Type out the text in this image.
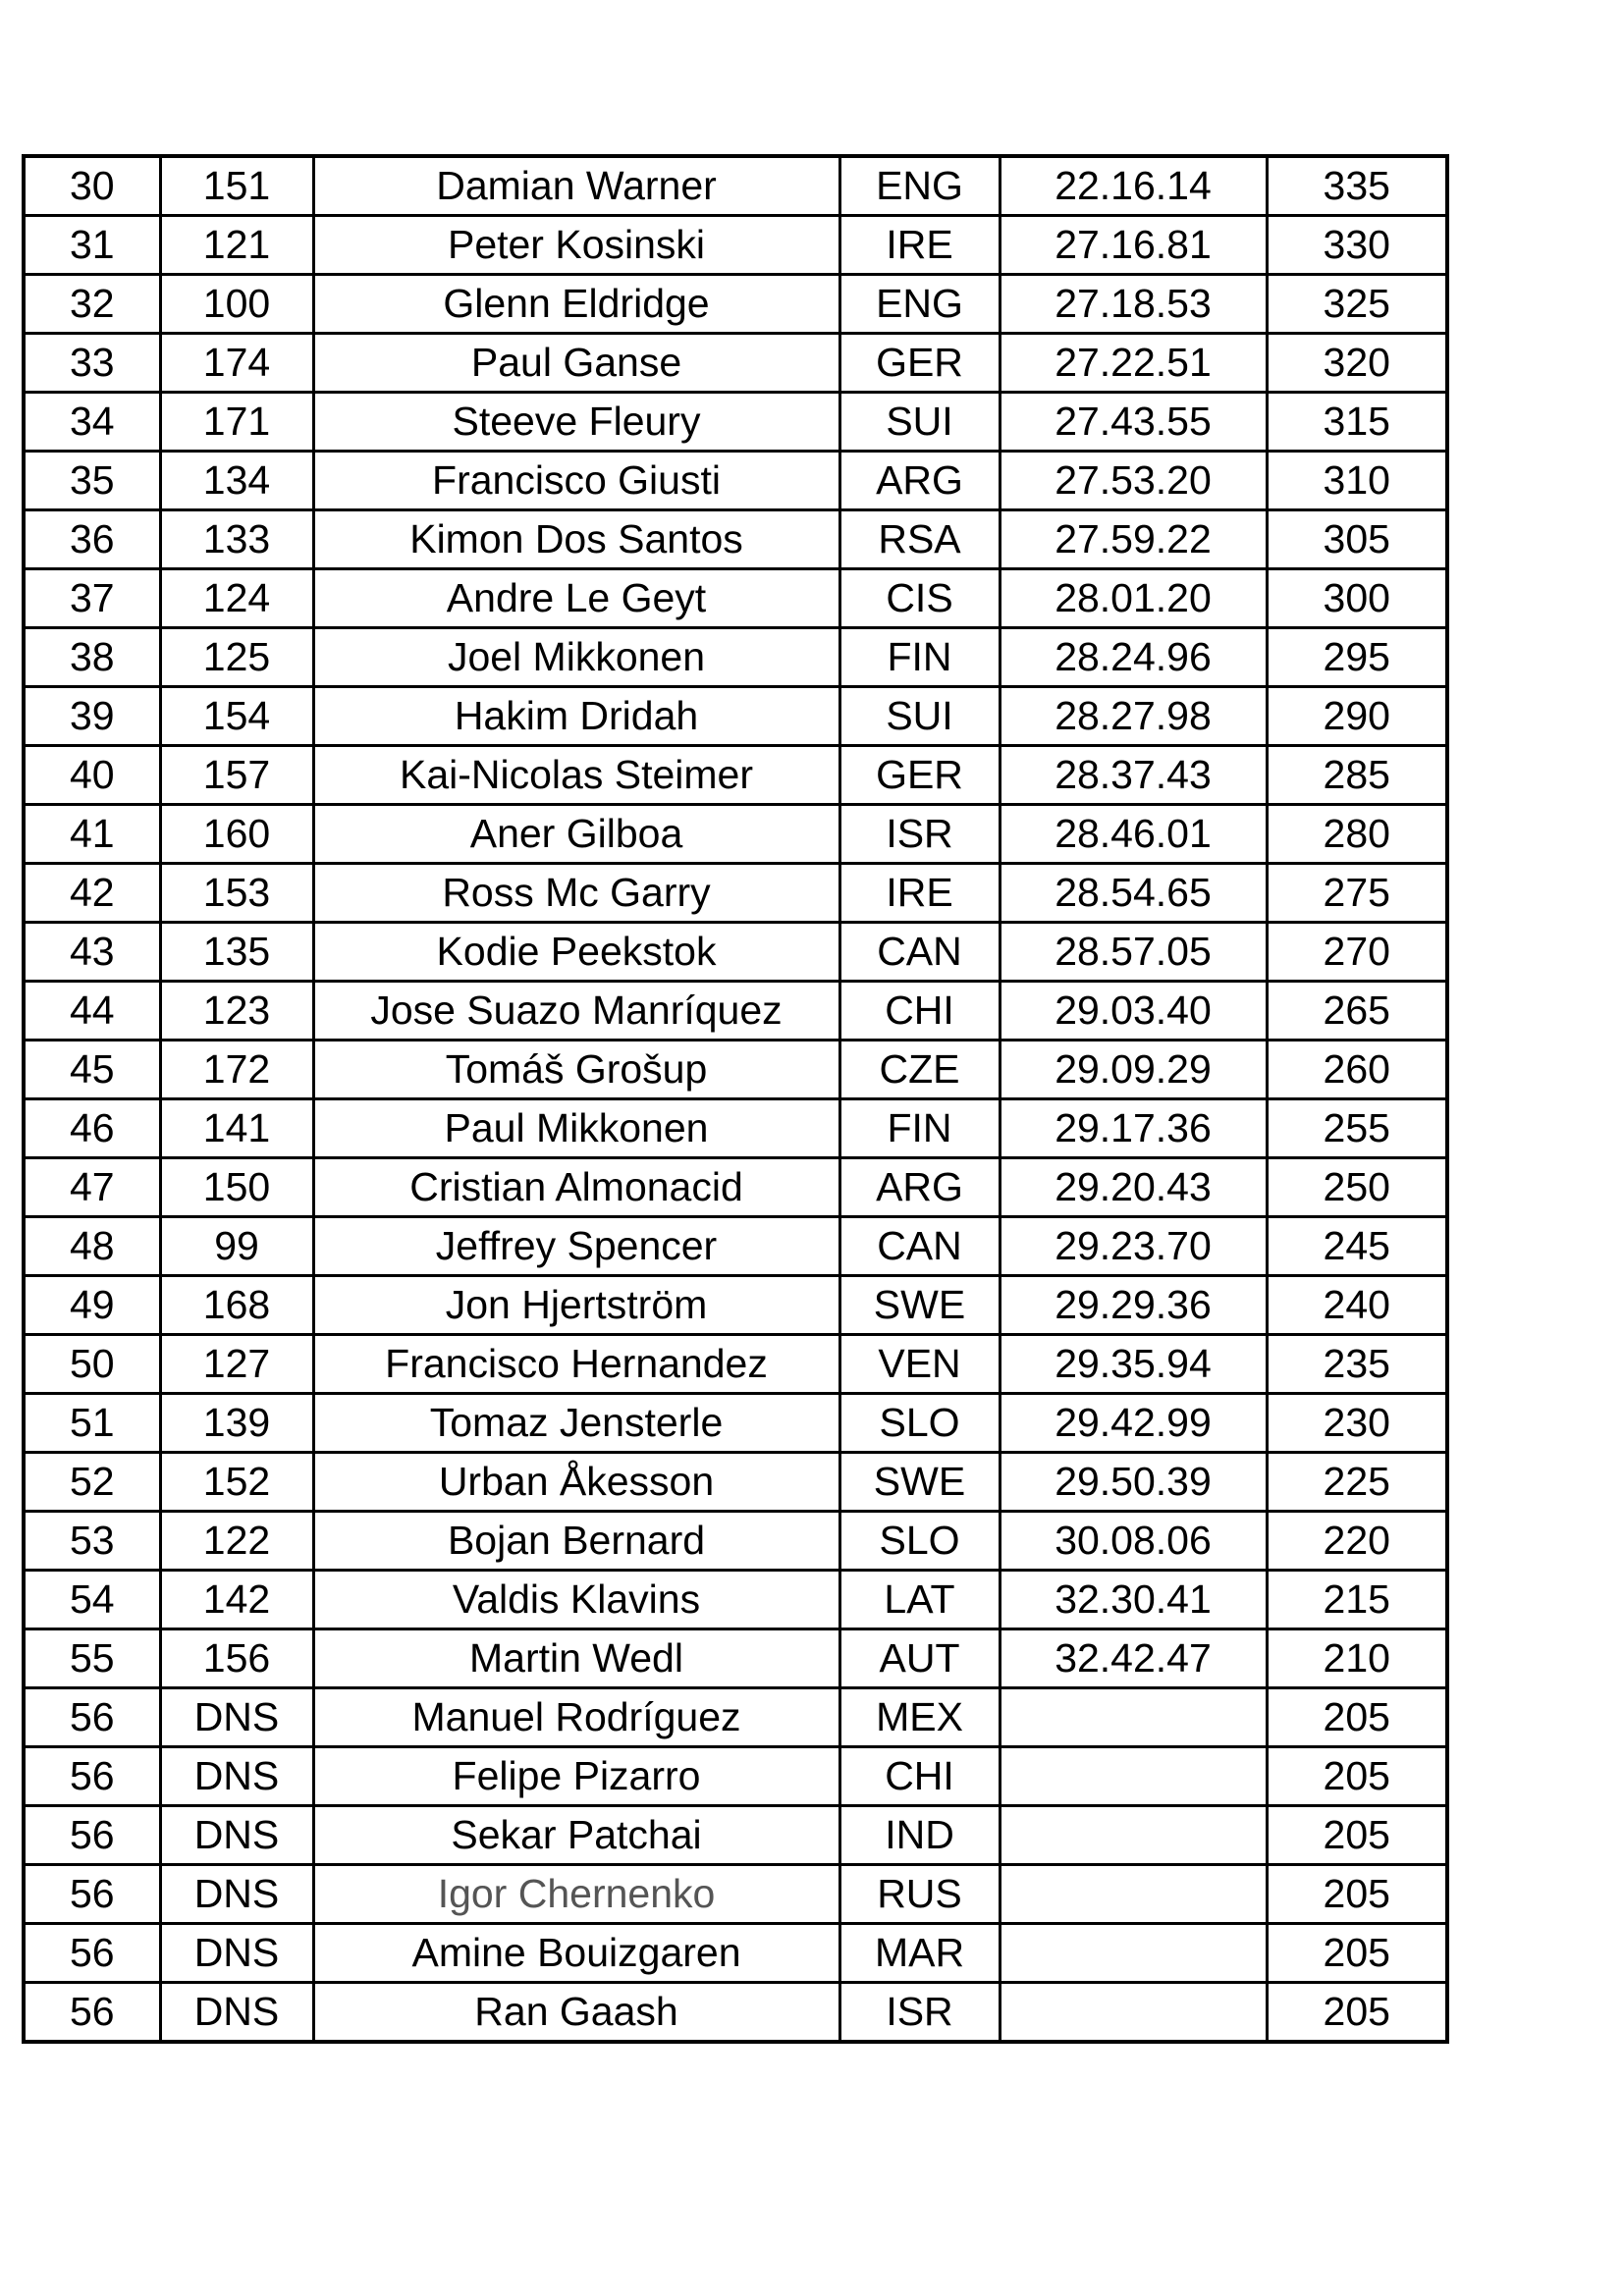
30	151	Damian Warner	ENG	22.16.14	335
31	121	Peter Kosinski	IRE	27.16.81	330
32	100	Glenn Eldridge	ENG	27.18.53	325
33	174	Paul Ganse	GER	27.22.51	320
34	171	Steeve Fleury	SUI	27.43.55	315
35	134	Francisco Giusti	ARG	27.53.20	310
36	133	Kimon Dos Santos	RSA	27.59.22	305
37	124	Andre Le Geyt	CIS	28.01.20	300
38	125	Joel Mikkonen	FIN	28.24.96	295
39	154	Hakim Dridah	SUI	28.27.98	290
40	157	Kai-Nicolas Steimer	GER	28.37.43	285
41	160	Aner Gilboa	ISR	28.46.01	280
42	153	Ross Mc Garry	IRE	28.54.65	275
43	135	Kodie Peekstok	CAN	28.57.05	270
44	123	Jose Suazo Manríquez	CHI	29.03.40	265
45	172	Tomáš Grošup	CZE	29.09.29	260
46	141	Paul Mikkonen	FIN	29.17.36	255
47	150	Cristian Almonacid	ARG	29.20.43	250
48	99	Jeffrey Spencer	CAN	29.23.70	245
49	168	Jon Hjertström	SWE	29.29.36	240
50	127	Francisco Hernandez	VEN	29.35.94	235
51	139	Tomaz Jensterle	SLO	29.42.99	230
52	152	Urban Åkesson	SWE	29.50.39	225
53	122	Bojan Bernard	SLO	30.08.06	220
54	142	Valdis Klavins	LAT	32.30.41	215
55	156	Martin Wedl	AUT	32.42.47	210
56	DNS	Manuel Rodríguez	MEX		205
56	DNS	Felipe Pizarro	CHI		205
56	DNS	Sekar Patchai	IND		205
56	DNS	Igor Chernenko	RUS		205
56	DNS	Amine Bouizgaren	MAR		205
56	DNS	Ran Gaash	ISR		205
